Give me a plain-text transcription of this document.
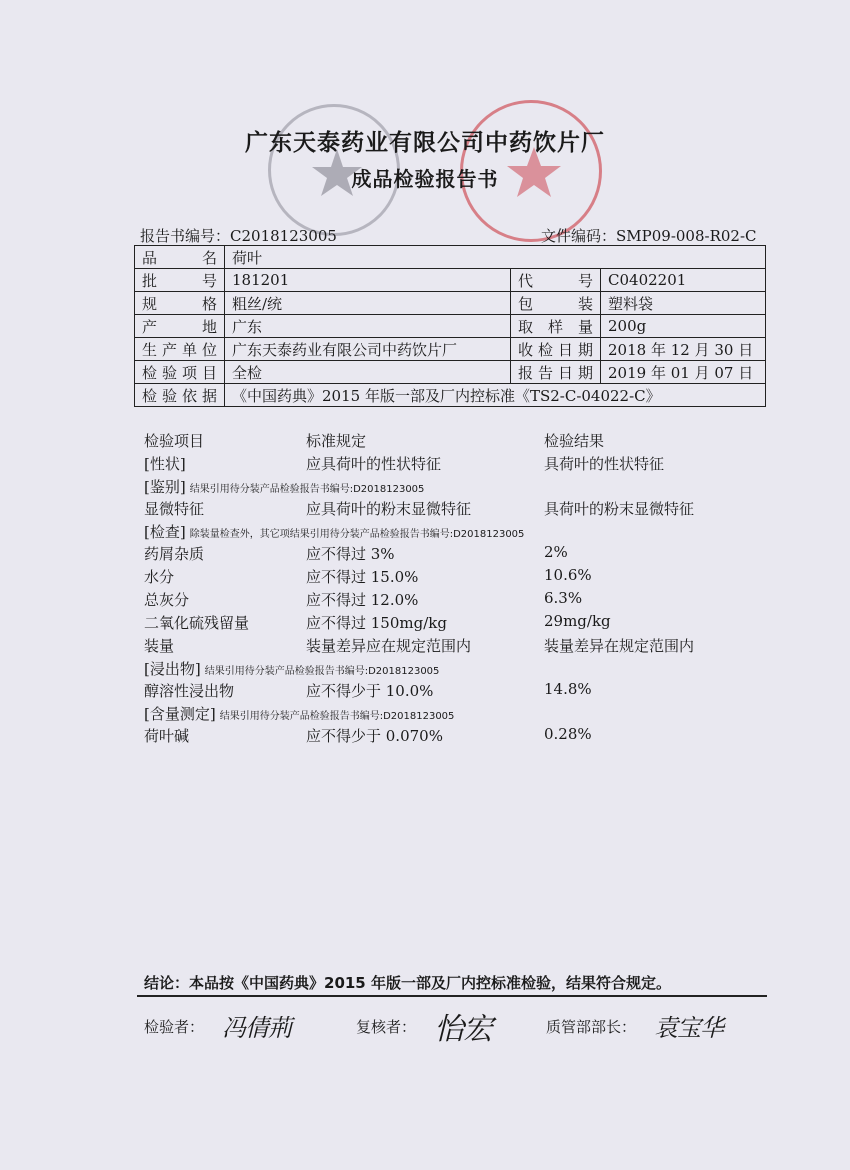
广东天泰药业有限公司中药饮片厂
成品检验报告书
报告书编号：C2018123005	文件编码：SMP09-008-R02-C
品 名	荷叶		
批 号	181201	代 号	C0402201
规 格	粗丝/统	包 装	塑料袋
产 地	广东	取 样 量	200g
生产单位	广东天泰药业有限公司中药饮片厂	收检日期	2018 年 12 月 30 日
检验项目	全检	报告日期	2019 年 01 月 07 日
检验依据	《中国药典》2015 年版一部及厂内控标准《TS2-C-04022-C》		
检验项目	标准规定	检验结果
[性状]	应具荷叶的性状特征	具荷叶的性状特征
[鉴别] 结果引用待分装产品检验报告书编号:D2018123005
显微特征	应具荷叶的粉末显微特征	具荷叶的粉末显微特征
[检查] 除装量检查外，其它项结果引用待分装产品检验报告书编号:D2018123005
药屑杂质	应不得过 3%	2%
水分	应不得过 15.0%	10.6%
总灰分	应不得过 12.0%	6.3%
二氧化硫残留量	应不得过 150mg/kg	29mg/kg
装量	装量差异应在规定范围内	装量差异在规定范围内
[浸出物] 结果引用待分装产品检验报告书编号:D2018123005
醇溶性浸出物	应不得少于 10.0%	14.8%
[含量测定] 结果引用待分装产品检验报告书编号:D2018123005
荷叶碱	应不得少于 0.070%	0.28%
结论：本品按《中国药典》2015 年版一部及厂内控标准检验，结果符合规定。
检验者： 冯倩荊	复核者： 怡宏	质管部部长： 袁宝华
